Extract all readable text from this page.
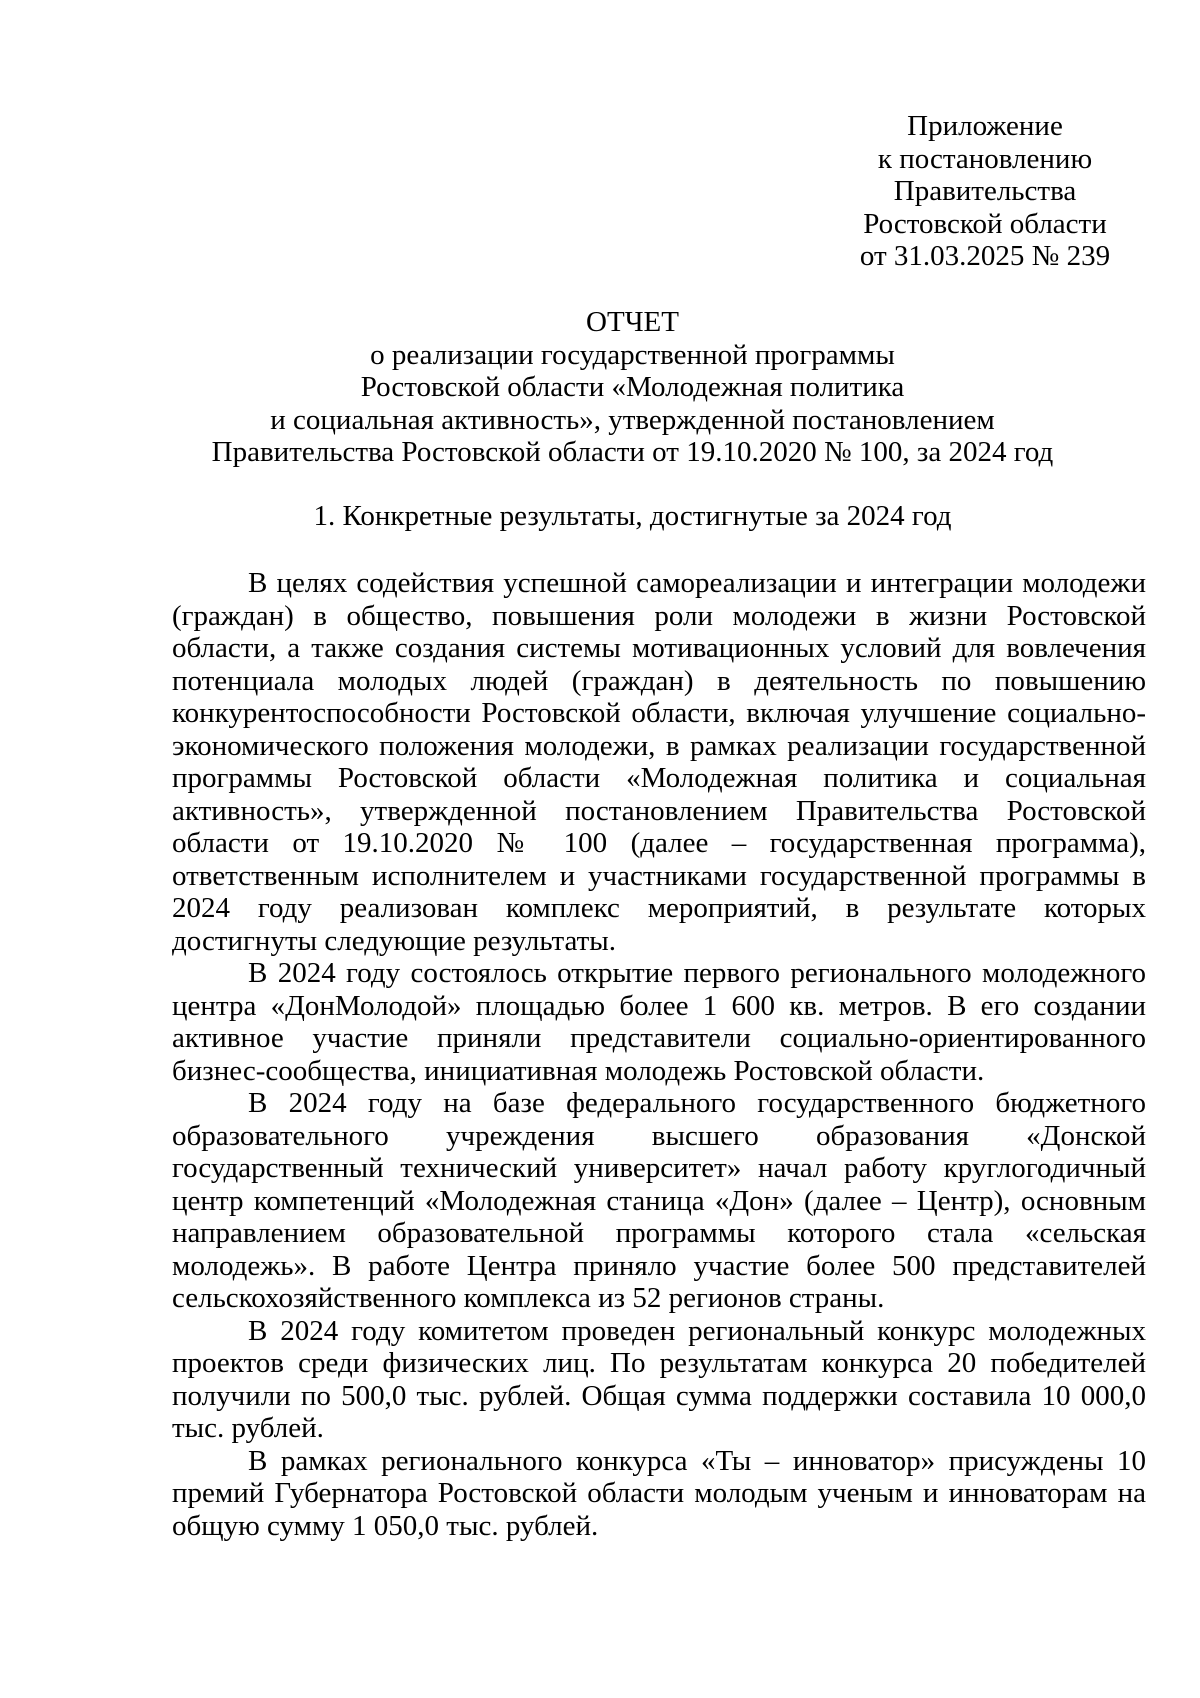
Приложение
к постановлению
Правительства
Ростовской области
от 31.03.2025 № 239
ОТЧЕТ
о реализации государственной программы
Ростовской области «Молодежная политика
и социальная активность», утвержденной постановлением
Правительства Ростовской области от 19.10.2020 № 100, за 2024 год
1. Конкретные результаты, достигнутые за 2024 год

В целях содействия успешной самореализации и интеграции молодежи (граждан) в общество, повышения роли молодежи в жизни Ростовской области, а также создания системы мотивационных условий для вовлечения потенциала молодых людей (граждан) в деятельность по повышению конкурентоспособности Ростовской области, включая улучшение социально-экономического положения молодежи, в рамках реализации государственной программы Ростовской области «Молодежная политика и социальная активность», утвержденной постановлением Правительства Ростовской области от 19.10.2020 № 100 (далее – государственная программа), ответственным исполнителем и участниками государственной программы в 2024 году реализован комплекс мероприятий, в результате которых достигнуты следующие результаты.

В 2024 году состоялось открытие первого регионального молодежного центра «ДонМолодой» площадью более 1 600 кв. метров. В его создании активное участие приняли представители социально-ориентированного бизнес-сообщества, инициативная молодежь Ростовской области.

В 2024 году на базе федерального государственного бюджетного образовательного учреждения высшего образования «Донской государственный технический университет» начал работу круглогодичный центр компетенций «Молодежная станица «Дон» (далее – Центр), основным направлением образовательной программы которого стала «сельская молодежь». В работе Центра приняло участие более 500 представителей сельскохозяйственного комплекса из 52 регионов страны.

В 2024 году комитетом проведен региональный конкурс молодежных проектов среди физических лиц. По результатам конкурса 20 победителей получили по 500,0 тыс. рублей. Общая сумма поддержки составила 10 000,0 тыс. рублей.

В рамках регионального конкурса «Ты – инноватор» присуждены 10 премий Губернатора Ростовской области молодым ученым и инноваторам на общую сумму 1 050,0 тыс. рублей.
